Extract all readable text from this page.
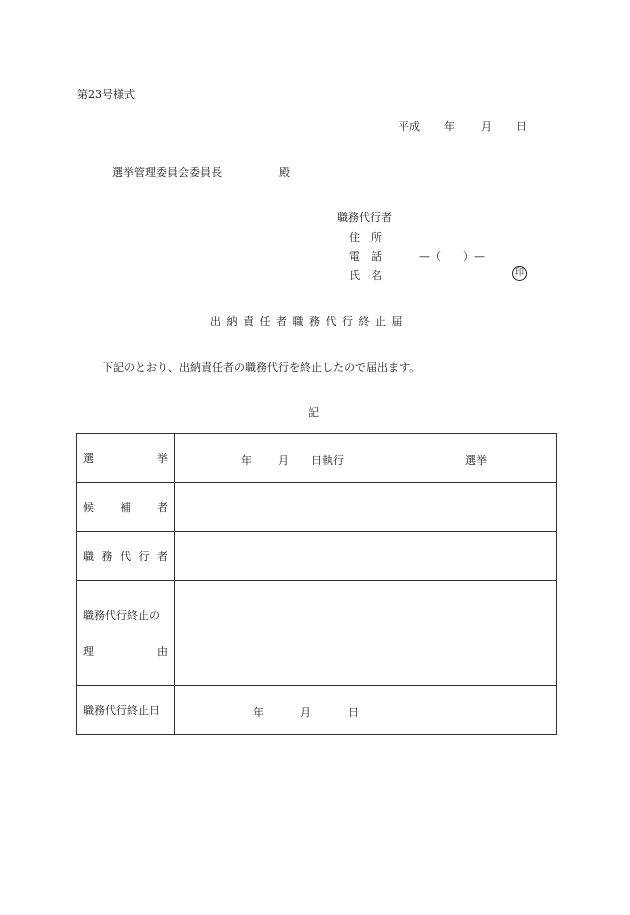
第23号様式
平成 年 月 日
選挙管理委員会委員長	殿
職務代行者
住　所
電　話	—（　　）—
氏　名	印
出納責任者職務代行終止届
下記のとおり、出納責任者の職務代行を終止したので届出ます。
記
選 挙	年 月 日執行 選挙

候 補 者	

職 務 代 行 者	

職務代行終止の
理 由	

職務代行終止日	年 月 日
